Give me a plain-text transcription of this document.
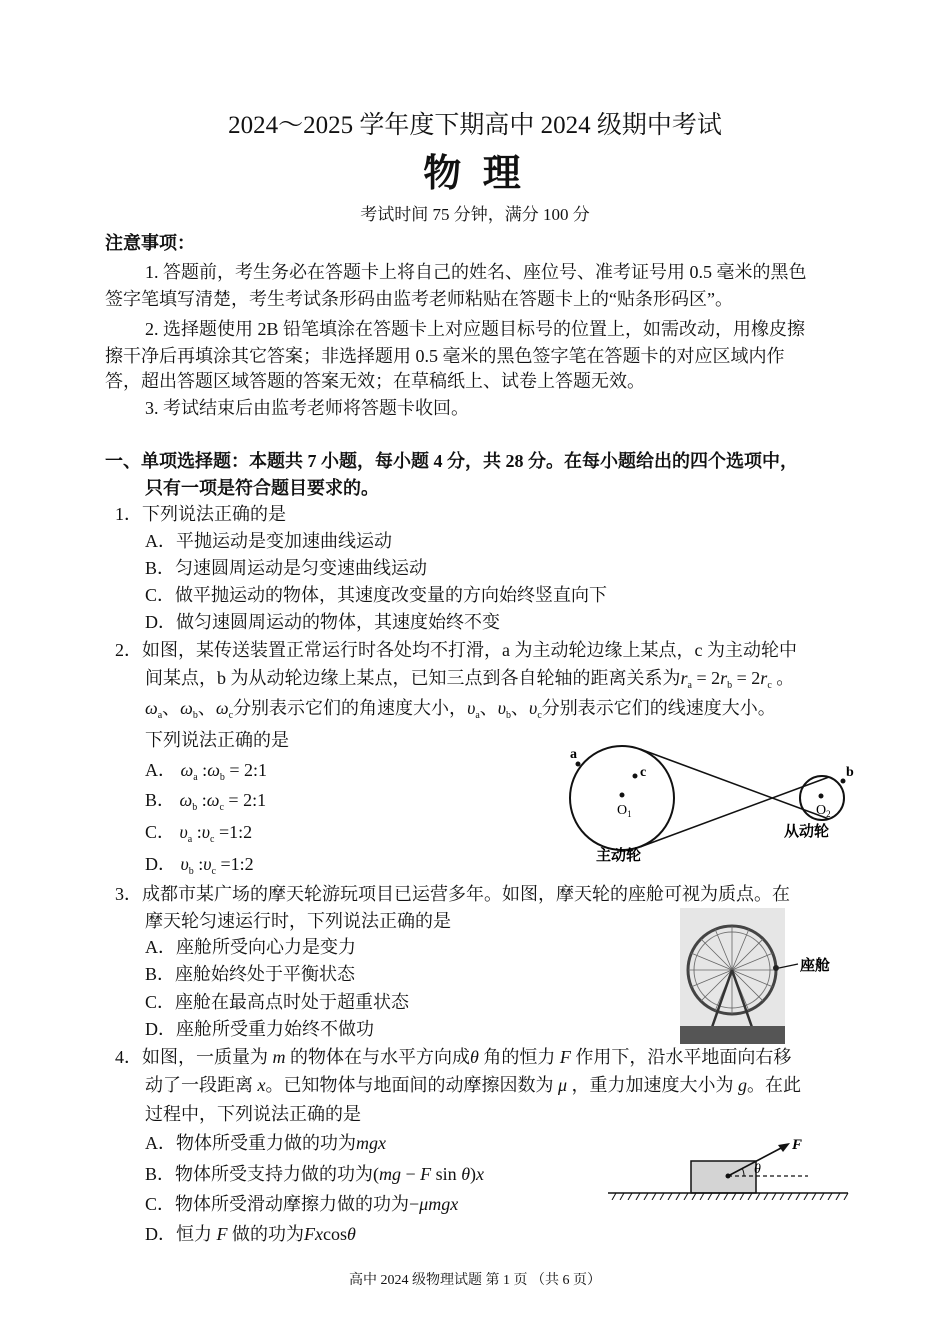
2024～2025 学年度下期高中 2024 级期中考试
物 理
考试时间 75 分钟，满分 100 分
注意事项：
1. 答题前，考生务必在答题卡上将自己的姓名、座位号、准考证号用 0.5 毫米的黑色
签字笔填写清楚，考生考试条形码由监考老师粘贴在答题卡上的“贴条形码区”。
2. 选择题使用 2B 铅笔填涂在答题卡上对应题目标号的位置上，如需改动，用橡皮擦
擦干净后再填涂其它答案；非选择题用 0.5 毫米的黑色签字笔在答题卡的对应区域内作
答，超出答题区域答题的答案无效；在草稿纸上、试卷上答题无效。
3. 考试结束后由监考老师将答题卡收回。
一、单项选择题：本题共 7 小题，每小题 4 分，共 28 分。在每小题给出的四个选项中，
只有一项是符合题目要求的。
1．下列说法正确的是
A．平抛运动是变加速曲线运动
B．匀速圆周运动是匀变速曲线运动
C．做平抛运动的物体，其速度改变量的方向始终竖直向下
D．做匀速圆周运动的物体，其速度始终不变
2．如图，某传送装置正常运行时各处均不打滑，a 为主动轮边缘上某点，c 为主动轮中
间某点，b 为从动轮边缘上某点，已知三点到各自轮轴的距离关系为$r_a = 2r_b = 2r_c$ 。
$\omega_a$、$\omega_b$、$\omega_c$分别表示它们的角速度大小，$\upsilon_a$、$\upsilon_b$、$\upsilon_c$分别表示它们的线速度大小。
下列说法正确的是
A． $\omega_a$ $:\omega_b$ = 2:1
B． $\omega_b$ $:\omega_c$ = 2:1
C． $\upsilon_a$ $:\upsilon_c$ =1:2
D． $\upsilon_b$ $:\upsilon_c$ =1:2
a
c
$O_1$	$O_2$
b
主动轮
从动轮
3．成都市某广场的摩天轮游玩项目已运营多年。如图，摩天轮的座舱可视为质点。在
摩天轮匀速运行时，下列说法正确的是
A．座舱所受向心力是变力
B．座舱始终处于平衡状态
C．座舱在最高点时处于超重状态
D．座舱所受重力始终不做功
座舱
4．如图，一质量为 m 的物体在与水平方向成θ 角的恒力 F 作用下，沿水平地面向右移
动了一段距离 x。已知物体与地面间的动摩擦因数为 μ ，重力加速度大小为 g。在此
过程中，下列说法正确的是
A．物体所受重力做的功为mgx
B．物体所受支持力做的功为(mg − F sin θ)x
C．物体所受滑动摩擦力做的功为−μmgx
D．恒力 F 做的功为Fxcosθ
F
θ
高中 2024 级物理试题 第 1 页 （共 6 页）
